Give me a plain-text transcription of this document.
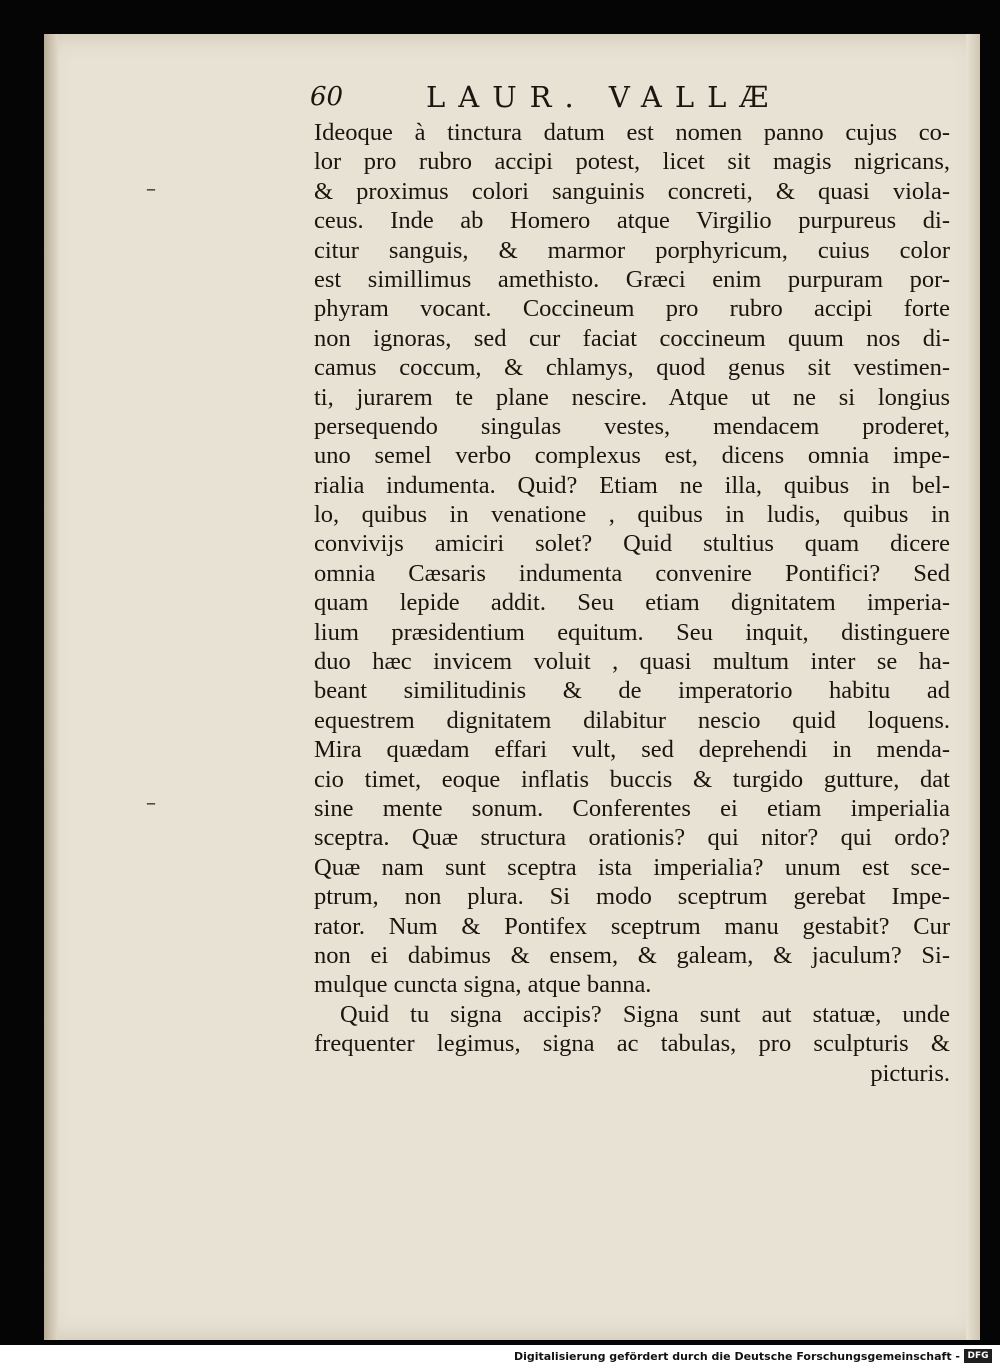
60	LAUR. VALLÆ
–
–
Ideoque à tinctura datum est nomen panno cujus co-
lor pro rubro accipi potest, licet sit magis nigricans,
& proximus colori sanguinis concreti, & quasi viola-
ceus. Inde ab Homero atque Virgilio purpureus di-
citur sanguis, & marmor porphyricum, cuius color
est simillimus amethisto. Græci enim purpuram por-
phyram vocant. Coccineum pro rubro accipi forte
non ignoras, sed cur faciat coccineum quum nos di-
camus coccum, & chlamys, quod genus sit vestimen-
ti, jurarem te plane nescire. Atque ut ne si longius
persequendo singulas vestes, mendacem proderet,
uno semel verbo complexus est, dicens omnia impe-
rialia indumenta. Quid? Etiam ne illa, quibus in bel-
lo, quibus in venatione , quibus in ludis, quibus in
convivijs amiciri solet? Quid stultius quam dicere
omnia Cæsaris indumenta convenire Pontifici? Sed
quam lepide addit. Seu etiam dignitatem imperia-
lium præsidentium equitum. Seu inquit, distinguere
duo hæc invicem voluit , quasi multum inter se ha-
beant similitudinis & de imperatorio habitu ad
equestrem dignitatem dilabitur nescio quid loquens.
Mira quædam effari vult, sed deprehendi in menda-
cio timet, eoque inflatis buccis & turgido gutture, dat
sine mente sonum. Conferentes ei etiam imperialia
sceptra. Quæ structura orationis? qui nitor? qui ordo?
Quæ nam sunt sceptra ista imperialia? unum est sce-
ptrum, non plura. Si modo sceptrum gerebat Impe-
rator. Num & Pontifex sceptrum manu gestabit? Cur
non ei dabimus & ensem, & galeam, & jaculum? Si-
mulque cuncta signa, atque banna.
Quid tu signa accipis? Signa sunt aut statuæ, unde
frequenter legimus, signa ac tabulas, pro sculpturis &
picturis.
Digitalisierung gefördert durch die Deutsche Forschungsgemeinschaft - DFG
